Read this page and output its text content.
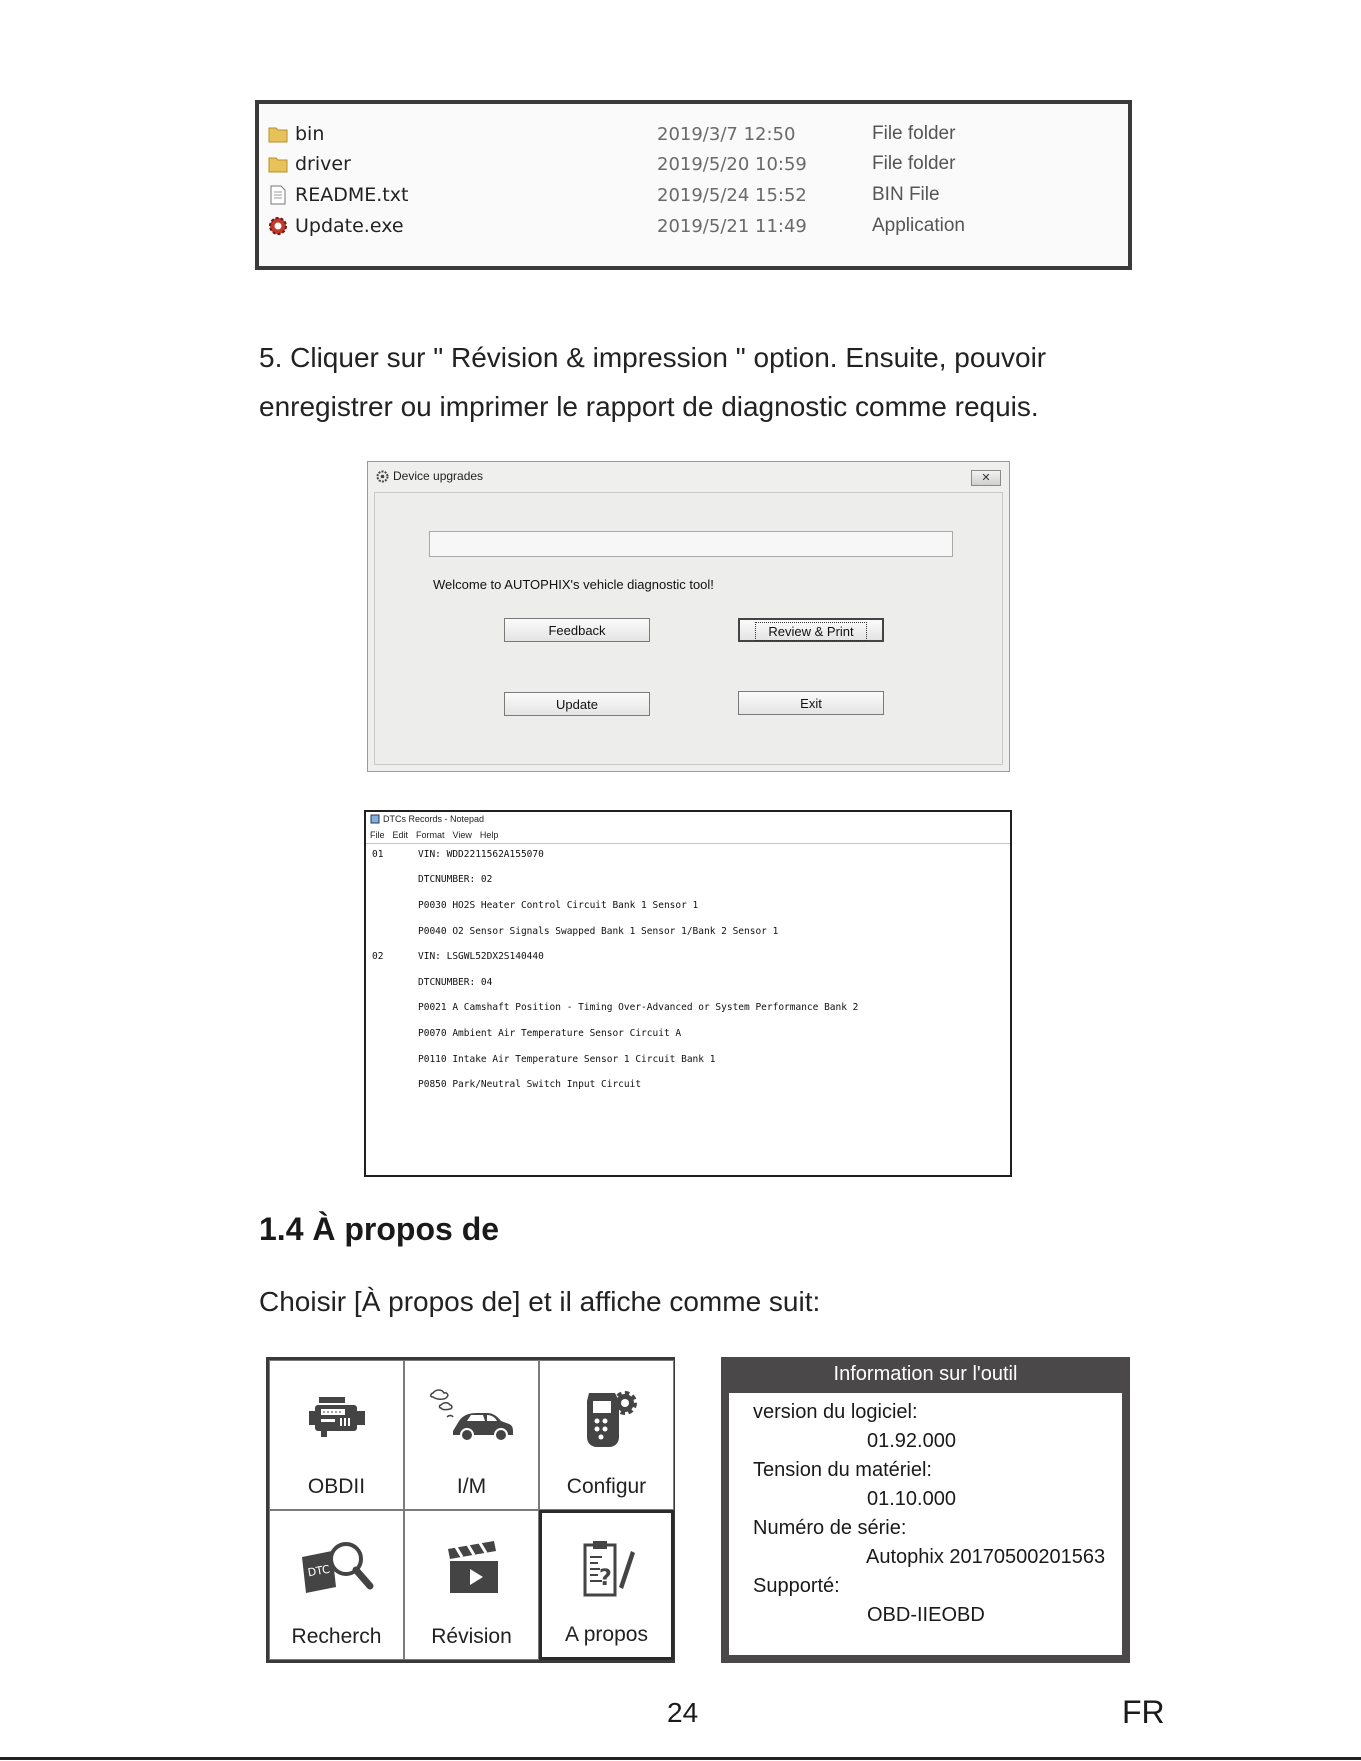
bin	2019/3/7 12:50	File folder
driver	2019/5/20 10:59	File folder
README.txt	2019/5/24 15:52	BIN File
Update.exe	2019/5/21 11:49	Application
5. Cliquer sur " Révision & impression " option. Ensuite, pouvoir
enregistrer ou imprimer le rapport de diagnostic comme requis.
Device upgrades	✕
Welcome to AUTOPHIX's vehicle diagnostic tool!
Feedback	Review & Print
Update	Exit
DTCs Records - Notepad
File Edit Format View Help
01	VIN: WDD2211562A155070
DTCNUMBER: 02
P0030 HO2S Heater Control Circuit Bank 1 Sensor 1
P0040 O2 Sensor Signals Swapped Bank 1 Sensor 1/Bank 2 Sensor 1
02	VIN: LSGWL52DX2S140440
DTCNUMBER: 04
P0021 A Camshaft Position - Timing Over-Advanced or System Performance Bank 2
P0070 Ambient Air Temperature Sensor Circuit A
P0110 Intake Air Temperature Sensor 1 Circuit Bank 1
P0850 Park/Neutral Switch Input Circuit
1.4 À propos de
Choisir [À propos de] et il affiche comme suit:
OBDII	I/M	Configur
DTC
Recherch	Révision
?
A propos
Information sur l'outil
version du logiciel:
01.92.000
Tension du matériel:
01.10.000
Numéro de série:
Autophix 20170500201563
Supporté:
OBD-IIEOBD
24	FR
